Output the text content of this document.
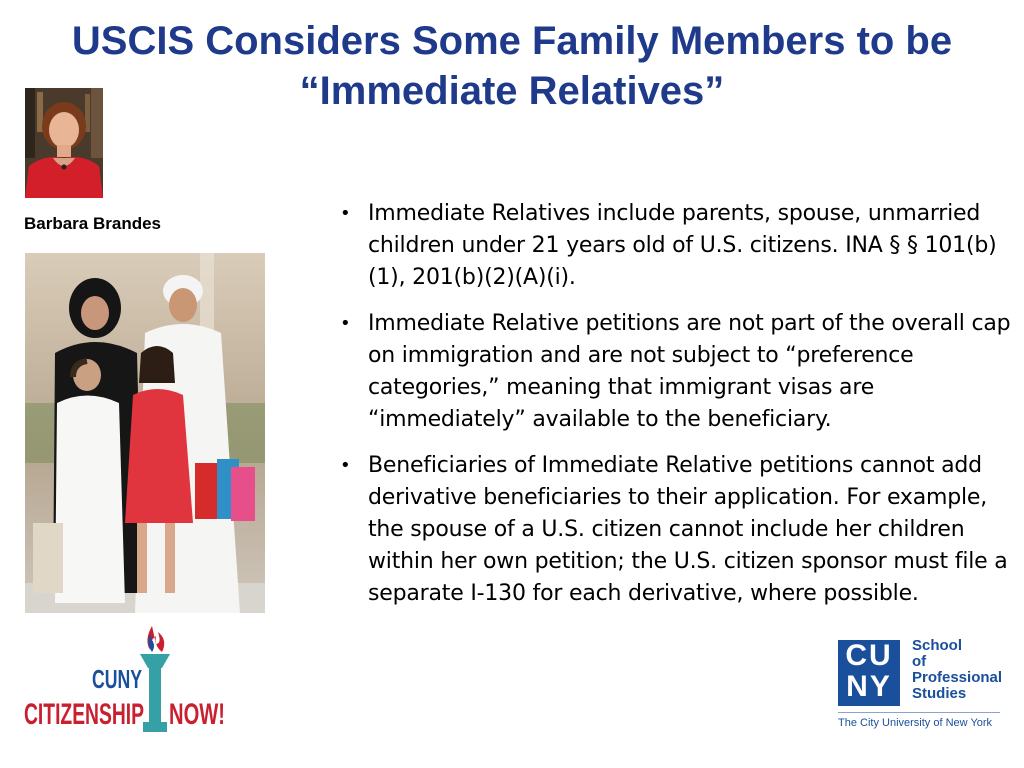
USCIS Considers Some Family Members to be
“Immediate Relatives”
Barbara Brandes	• Immediate Relatives include parents, spouse, unmarried children under 21 years old of U.S. citizens. INA § § 101(b)(1), 201(b)(2)(A)(i).
• Immediate Relative petitions are not part of the overall cap on immigration and are not subject to “preference categories,” meaning that immigrant visas are “immediately” available to the beneficiary.
• Beneficiaries of Immediate Relative petitions cannot add derivative beneficiaries to their application. For example, the spouse of a U.S. citizen cannot include her children within her own petition; the U.S. citizen sponsor must file a separate I-130 for each derivative, where possible.
CUNY
CITIZENSHIP NOW!
CU
NY
School
of
Professional
Studies
The City University of New York
